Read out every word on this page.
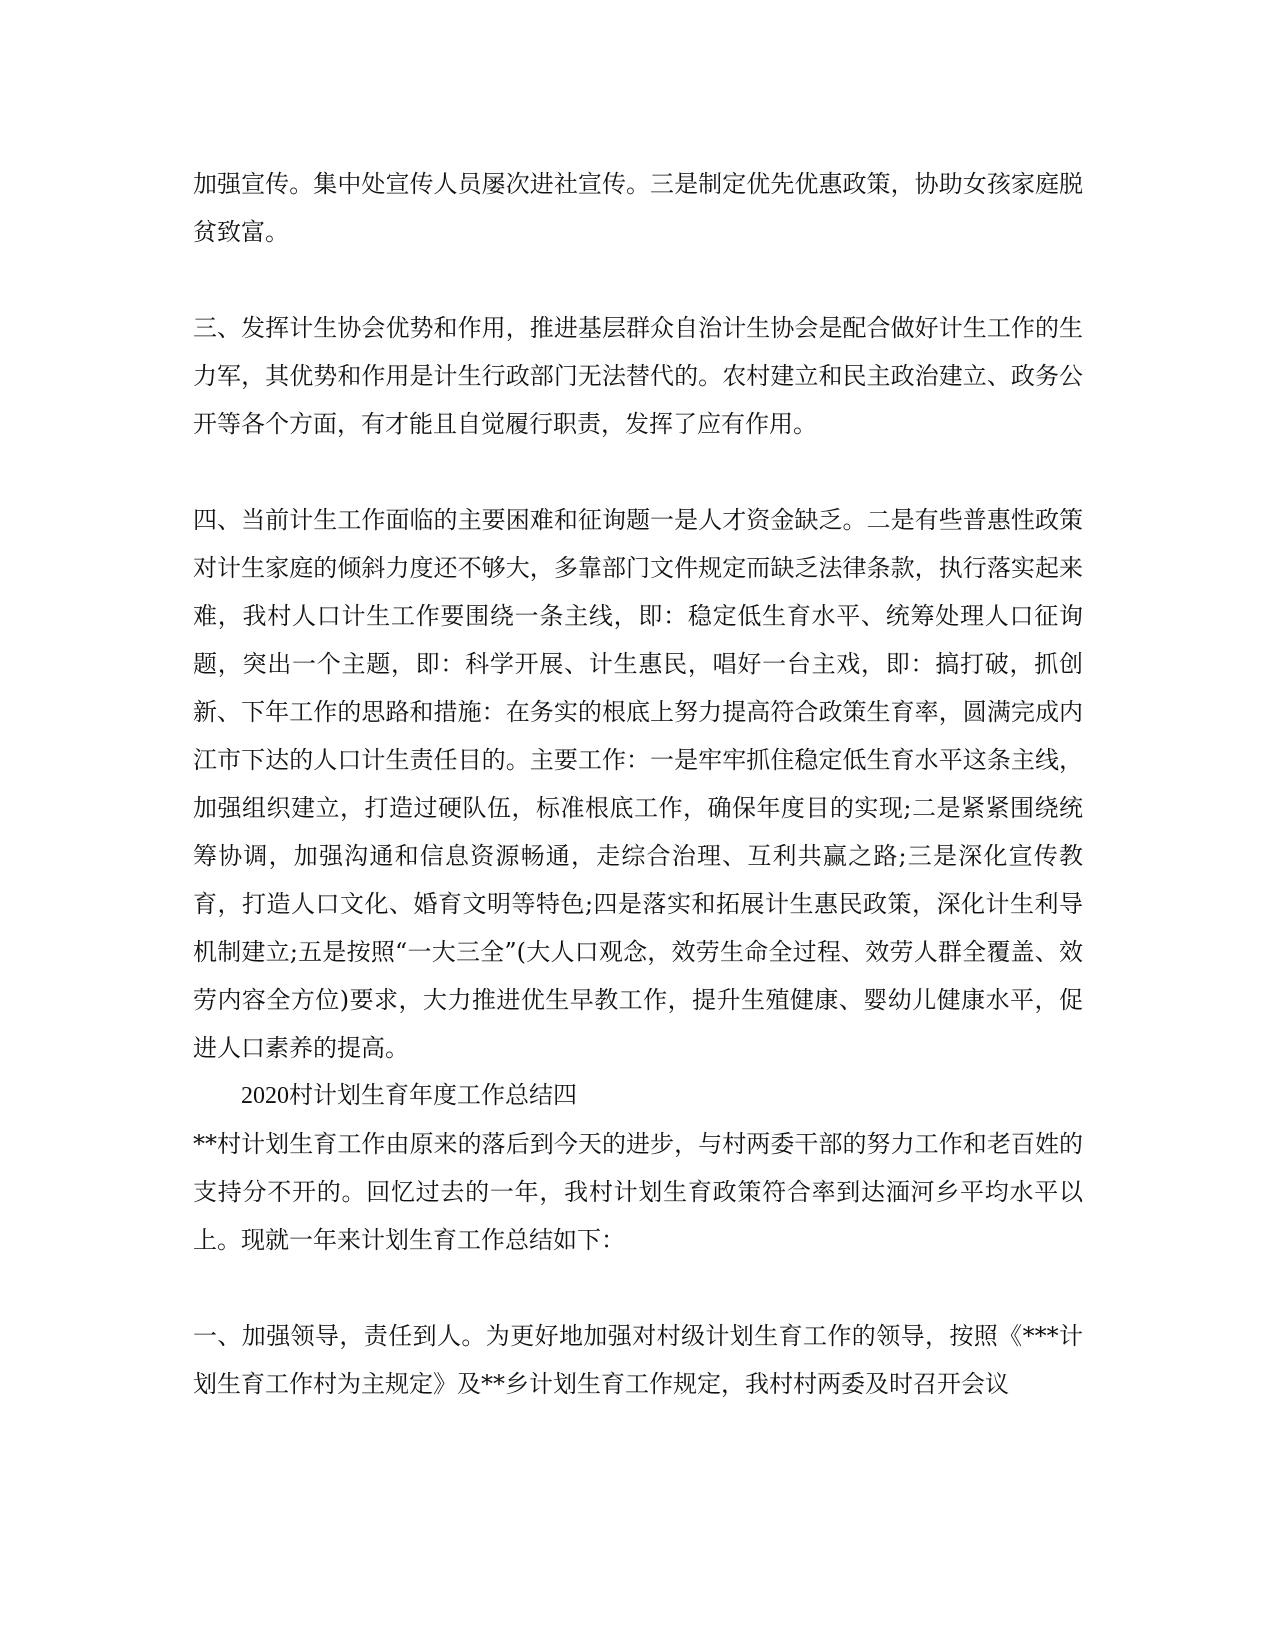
加强宣传。集中处宣传人员屡次进社宣传。三是制定优先优惠政策，协助女孩家庭脱贫致富。

三、发挥计生协会优势和作用，推进基层群众自治计生协会是配合做好计生工作的生力军，其优势和作用是计生行政部门无法替代的。农村建立和民主政治建立、政务公开等各个方面，有才能且自觉履行职责，发挥了应有作用。

四、当前计生工作面临的主要困难和征询题一是人才资金缺乏。二是有些普惠性政策对计生家庭的倾斜力度还不够大，多靠部门文件规定而缺乏法律条款，执行落实起来难，我村人口计生工作要围绕一条主线，即：稳定低生育水平、统筹处理人口征询题，突出一个主题，即：科学开展、计生惠民，唱好一台主戏，即：搞打破，抓创新、下年工作的思路和措施：在务实的根底上努力提高符合政策生育率，圆满完成内江市下达的人口计生责任目的。主要工作：一是牢牢抓住稳定低生育水平这条主线，加强组织建立，打造过硬队伍，标准根底工作，确保年度目的实现;二是紧紧围绕统筹协调，加强沟通和信息资源畅通，走综合治理、互利共赢之路;三是深化宣传教育，打造人口文化、婚育文明等特色;四是落实和拓展计生惠民政策，深化计生利导机制建立;五是按照“一大三全”(大人口观念，效劳生命全过程、效劳人群全覆盖、效劳内容全方位)要求，大力推进优生早教工作，提升生殖健康、婴幼儿健康水平，促进人口素养的提高。

2020村计划生育年度工作总结四

**村计划生育工作由原来的落后到今天的进步，与村两委干部的努力工作和老百姓的支持分不开的。回忆过去的一年，我村计划生育政策符合率到达湎河乡平均水平以上。现就一年来计划生育工作总结如下：

一、加强领导，责任到人。为更好地加强对村级计划生育工作的领导，按照《***计划生育工作村为主规定》及**乡计划生育工作规定，我村村两委及时召开会议
